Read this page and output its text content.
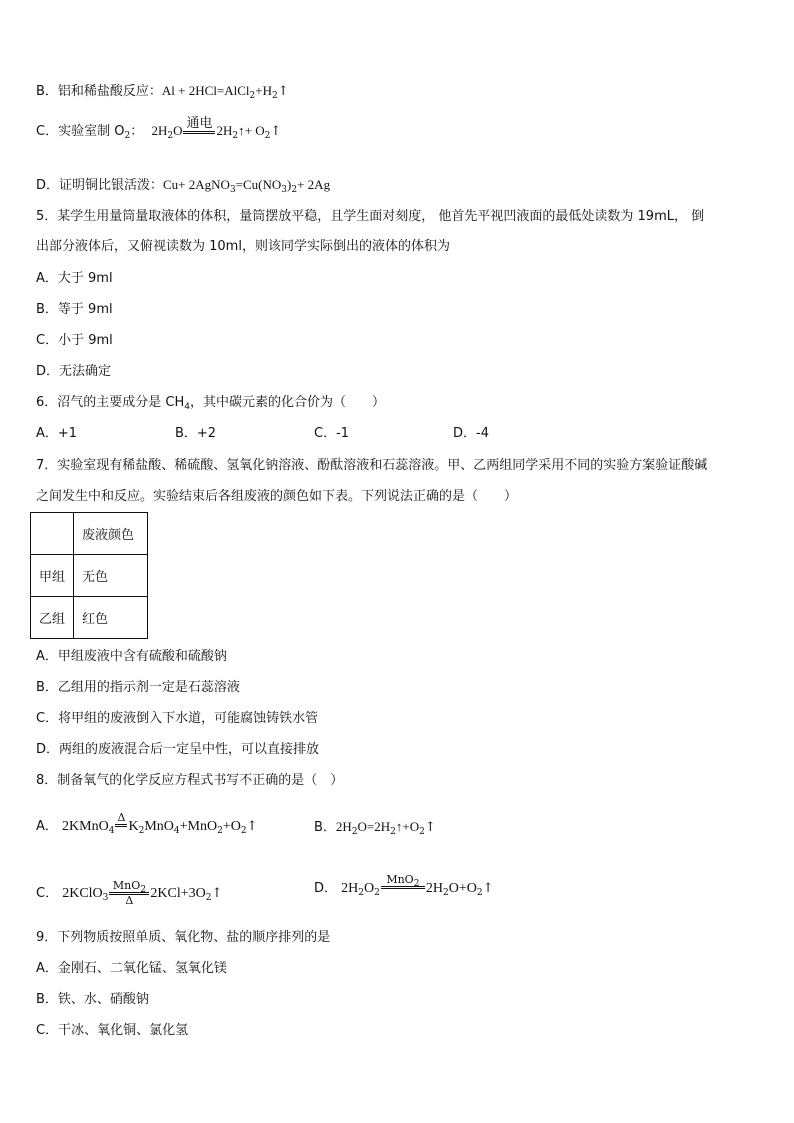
B．铝和稀盐酸反应：$Al + 2HCl=AlCl_2+H_2↑$
C．实验室制 $O_2$： $2H_2O$ 通电 $2H_2↑+$ $O_2↑$
D．证明铜比银活泼：$Cu+ 2AgNO_3=Cu(NO_3)_2+ 2Ag$
5．某学生用量筒量取液体的体积，量筒摆放平稳，且学生面对刻度， 他首先平视凹液面的最低处读数为 19mL， 倒
出部分液体后，又俯视读数为 10ml，则该同学实际倒出的液体的体积为
A．大于 9ml
B．等于 9ml
C．小于 9ml
D．无法确定
6．沼气的主要成分是 $CH_4$，其中碳元素的化合价为（　　）
A．+1	B．+2	C．-1	D．-4
7．实验室现有稀盐酸、稀硫酸、氢氧化钠溶液、酚酞溶液和石蕊溶液。甲、乙两组同学采用不同的实验方案验证酸碱
之间发生中和反应。实验结束后各组废液的颜色如下表。下列说法正确的是（　　）
	废液颜色
甲组	无色
乙组	红色
A．甲组废液中含有硫酸和硫酸钠
B．乙组用的指示剂一定是石蕊溶液
C．将甲组的废液倒入下水道，可能腐蚀铸铁水管
D．两组的废液混合后一定呈中性，可以直接排放
8．制备氧气的化学反应方程式书写不正确的是（　）
A． 2KMnO$_4$
Δ
$K_2MnO_4+MnO_2+O_2↑$	B．$2H_2O=2H_2↑+O_2↑$
C． 2KClO$_3$
MnO$_2$
Δ	$2KCl+3O_2↑$	D． $2H_2O_2$
MnO$_2$ $2H_2O+O_2↑$
9．下列物质按照单质、氧化物、盐的顺序排列的是
A．金刚石、二氧化锰、氢氧化镁
B．铁、水、硝酸钠
C．干冰、氧化铜、氯化氢
